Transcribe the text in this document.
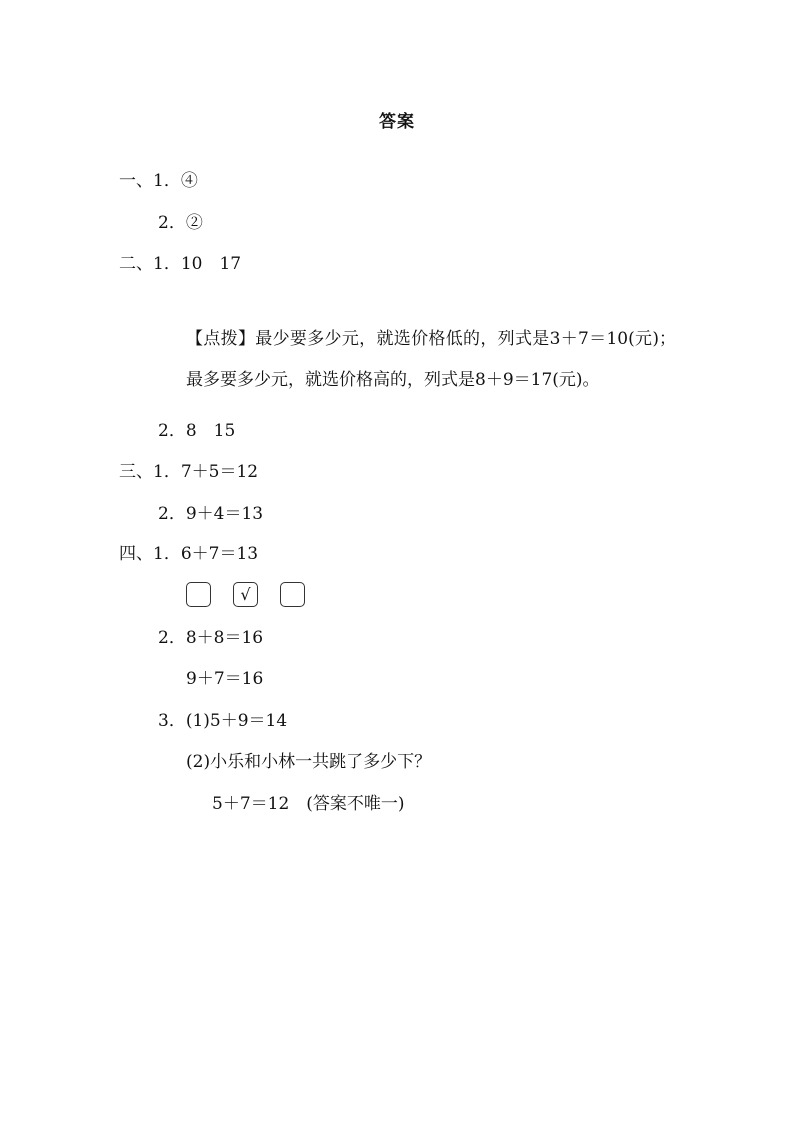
答案
一、1．④
2．②
二、1．10　17
【点拨】最少要多少元，就选价格低的，列式是3＋7＝10(元)；最多要多少元，就选价格高的，列式是8＋9＝17(元)。
2．8　15
三、1．7＋5＝12
2．9＋4＝13
四、1．6＋7＝13
√
2．8＋8＝16
9＋7＝16
3．(1)5＋9＝14
(2)小乐和小林一共跳了多少下？
5＋7＝12　(答案不唯一)
